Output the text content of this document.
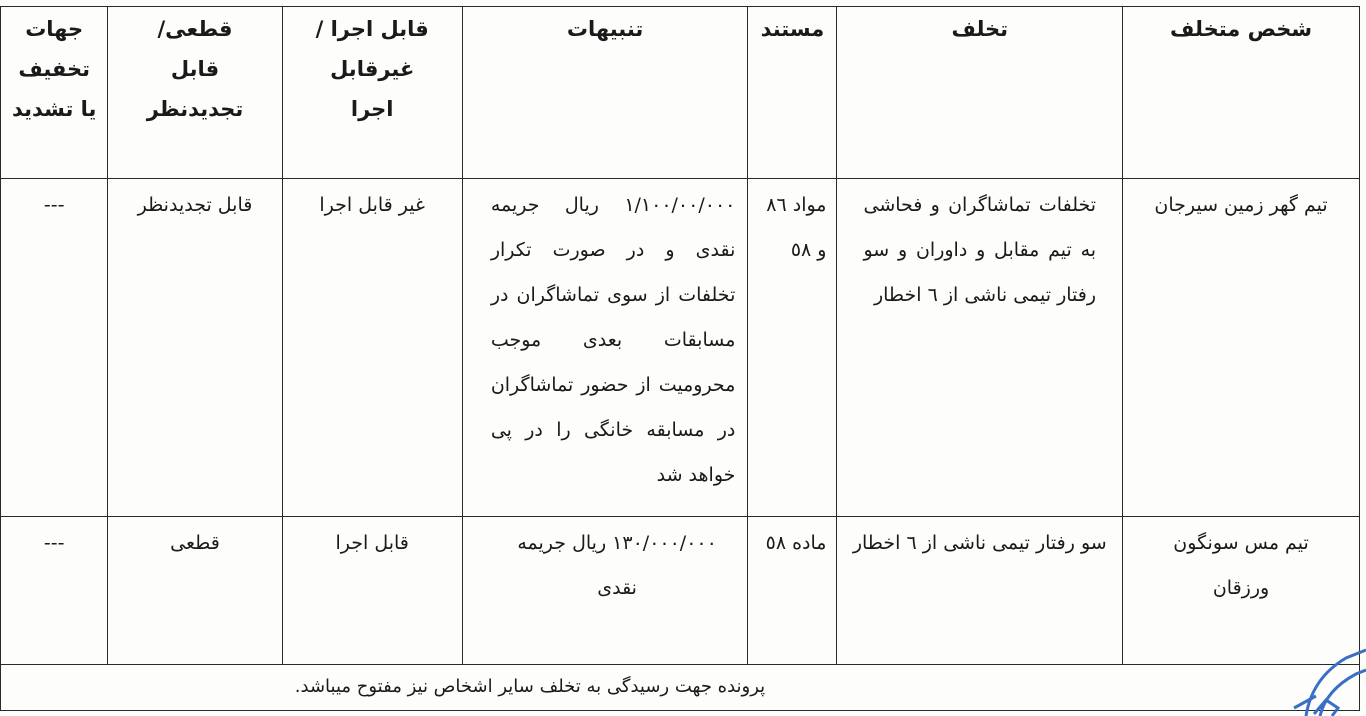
شخص متخلف	تخلف	مستند	تنبیهات	قابل اجرا /غیرقابل اجرا	قطعی/قابل تجدیدنظر	جهات تخفیف یا تشدید
تیم گهر زمین سیرجان	تخلفات تماشاگران و فحاشی به تیم مقابل و داوران و سو رفتار تیمی ناشی از ٦ اخطار	مواد ٨٦ و ٥٨	١/١٠٠/٠٠/٠٠٠ ریال جریمه نقدی و در صورت تکرار تخلفات از سوی تماشاگران در مسابقات بعدی موجب محرومیت از حضور تماشاگران در مسابقه خانگی را در پی خواهد شد	غیر قابل اجرا	قابل تجدیدنظر	---
تیم مس سونگون ورزقان	سو رفتار تیمی ناشی از ٦ اخطار	ماده ٥٨	١٣٠/٠٠٠/٠٠٠ ریال جریمه نقدی	قابل اجرا	قطعی	---
پرونده جهت رسیدگی به تخلف سایر اشخاص نیز مفتوح میباشد.						
